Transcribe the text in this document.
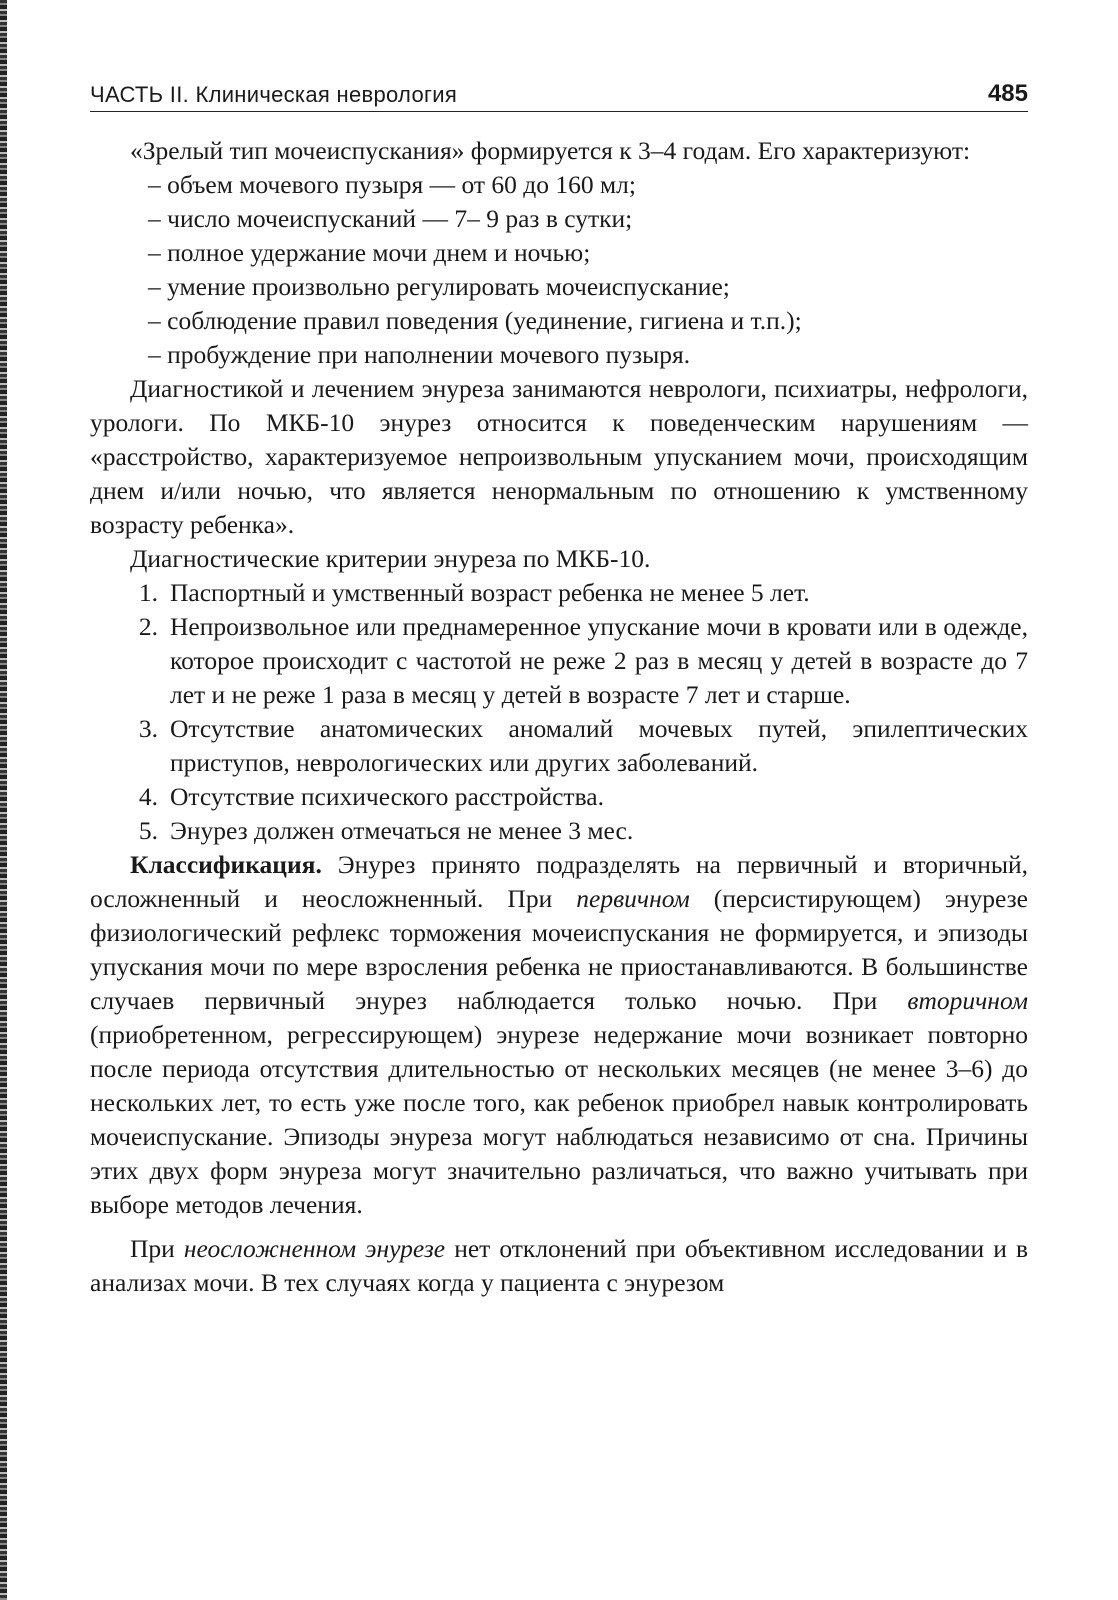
ЧАСТЬ II. Клиническая неврология	485

«Зрелый тип мочеиспускания» формируется к 3–4 годам. Его характеризуют:

– объем мочевого пузыря — от 60 до 160 мл;

– число мочеиспусканий — 7– 9 раз в сутки;

– полное удержание мочи днем и ночью;

– умение произвольно регулировать мочеиспускание;

– соблюдение правил поведения (уединение, гигиена и т.п.);

– пробуждение при наполнении мочевого пузыря.

Диагностикой и лечением энуреза занимаются неврологи, психиатры, нефрологи, урологи. По МКБ-10 энурез относится к поведенческим нарушениям — «расстройство, характеризуемое непроизвольным упусканием мочи, происходящим днем и/или ночью, что является ненормальным по отношению к умственному возрасту ребенка».

Диагностические критерии энуреза по МКБ-10.

1. Паспортный и умственный возраст ребенка не менее 5 лет.
2. Непроизвольное или преднамеренное упускание мочи в кровати или в одежде, которое происходит с частотой не реже 2 раз в месяц у детей в возрасте до 7 лет и не реже 1 раза в месяц у детей в возрасте 7 лет и старше.
3. Отсутствие анатомических аномалий мочевых путей, эпилептических приступов, неврологических или других заболеваний.
4. Отсутствие психического расстройства.
5. Энурез должен отмечаться не менее 3 мес.

Классификация. Энурез принято подразделять на первичный и вторичный, осложненный и неосложненный. При первичном (персистирующем) энурезе физиологический рефлекс торможения мочеиспускания не формируется, и эпизоды упускания мочи по мере взросления ребенка не приостанавливаются. В большинстве случаев первичный энурез наблюдается только ночью. При вторичном (приобретенном, регрессирующем) энурезе недержание мочи возникает повторно после периода отсутствия длительностью от нескольких месяцев (не менее 3–6) до нескольких лет, то есть уже после того, как ребенок приобрел навык контролировать мочеиспускание. Эпизоды энуреза могут наблюдаться независимо от сна. Причины этих двух форм энуреза могут значительно различаться, что важно учитывать при выборе методов лечения.

При неосложненном энурезе нет отклонений при объективном исследовании и в анализах мочи. В тех случаях когда у пациента с энурезом
